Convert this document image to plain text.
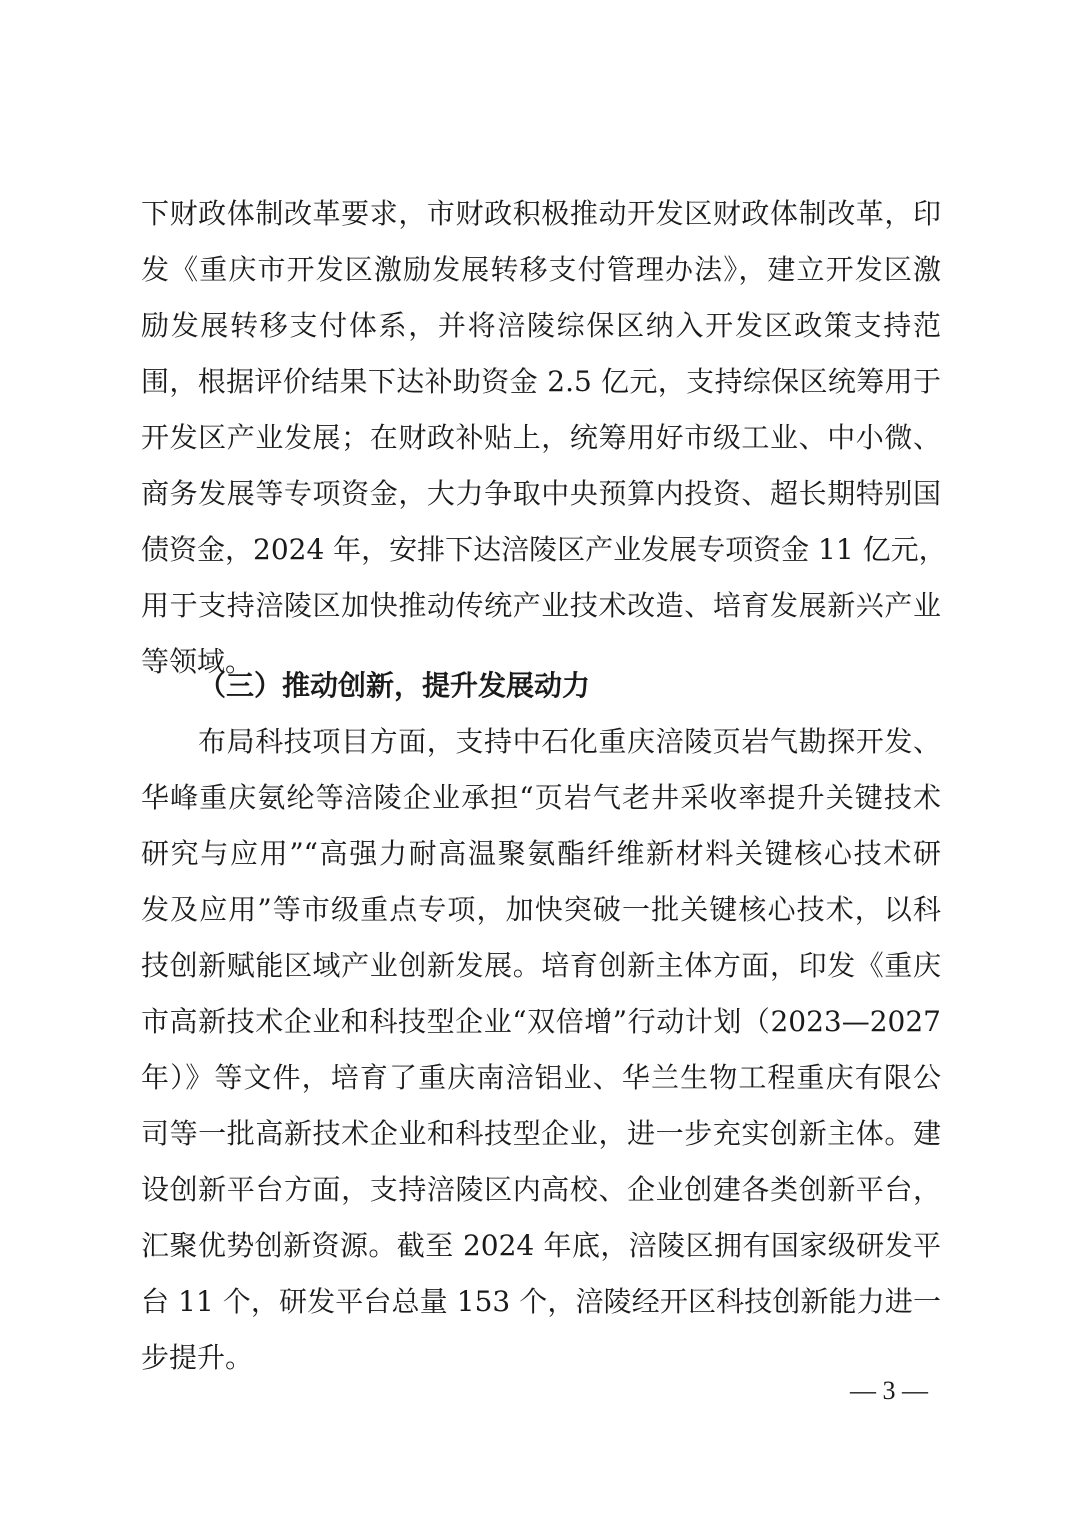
下财政体制改革要求，市财政积极推动开发区财政体制改革，印
发《重庆市开发区激励发展转移支付管理办法》，建立开发区激
励发展转移支付体系，并将涪陵综保区纳入开发区政策支持范
围，根据评价结果下达补助资金 2.5 亿元，支持综保区统筹用于
开发区产业发展；在财政补贴上，统筹用好市级工业、中小微、
商务发展等专项资金，大力争取中央预算内投资、超长期特别国
债资金，2024 年，安排下达涪陵区产业发展专项资金 11 亿元，
用于支持涪陵区加快推动传统产业技术改造、培育发展新兴产业
等领域。
（三）推动创新，提升发展动力
布局科技项目方面，支持中石化重庆涪陵页岩气勘探开发、
华峰重庆氨纶等涪陵企业承担“页岩气老井采收率提升关键技术
研究与应用”“高强力耐高温聚氨酯纤维新材料关键核心技术研
发及应用”等市级重点专项，加快突破一批关键核心技术，以科
技创新赋能区域产业创新发展。培育创新主体方面，印发《重庆
市高新技术企业和科技型企业“双倍增”行动计划（2023—2027
年）》等文件，培育了重庆南涪铝业、华兰生物工程重庆有限公
司等一批高新技术企业和科技型企业，进一步充实创新主体。建
设创新平台方面，支持涪陵区内高校、企业创建各类创新平台，
汇聚优势创新资源。截至 2024 年底，涪陵区拥有国家级研发平
台 11 个，研发平台总量 153 个，涪陵经开区科技创新能力进一
步提升。
— 3 —
